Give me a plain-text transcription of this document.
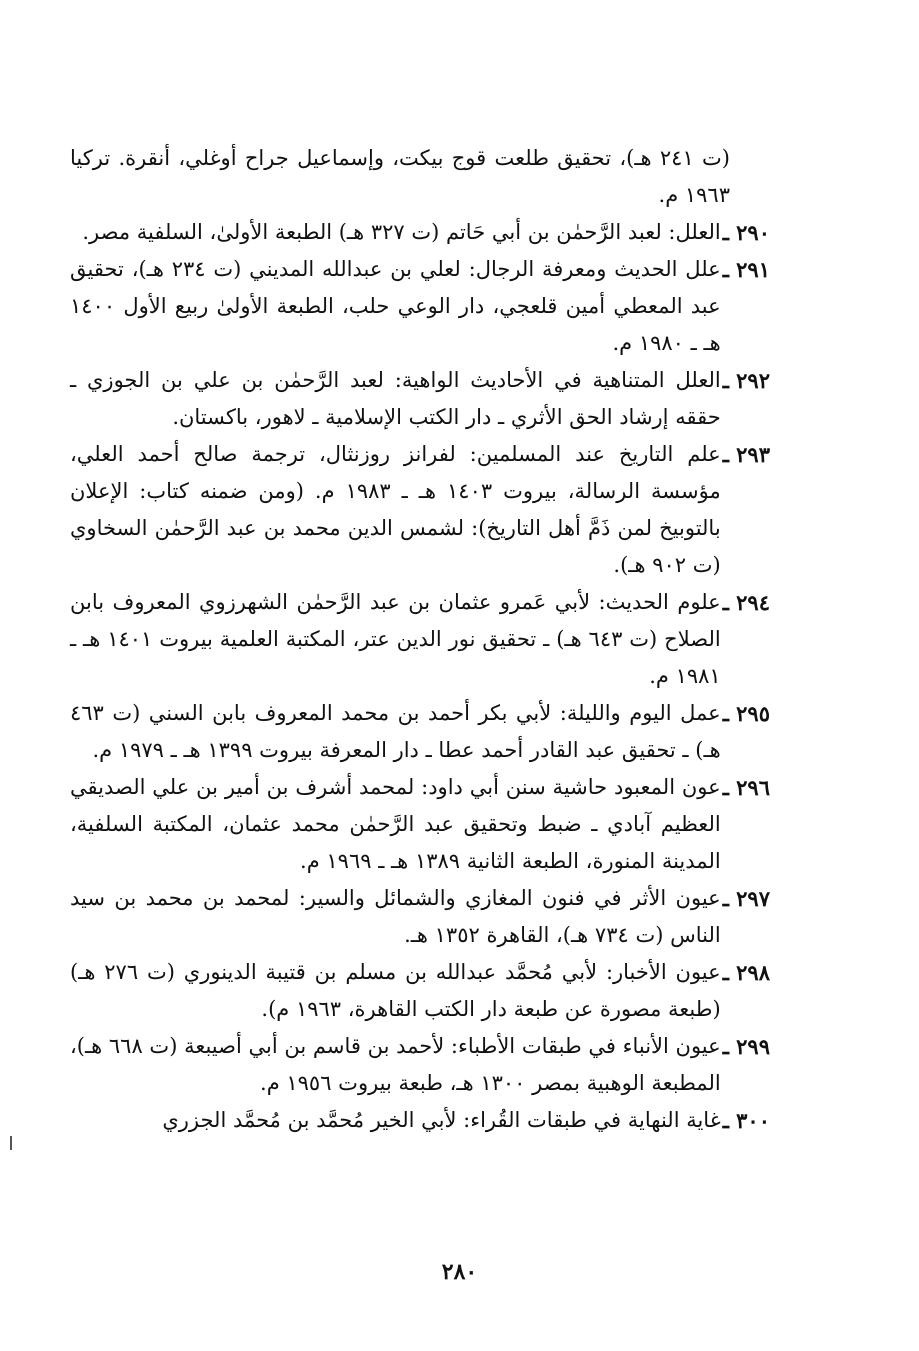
(ت ٢٤١ هـ)، تحقيق طلعت قوج بيكت، وإسماعيل جراح أوغلي، أنقرة. تركيا ١٩٦٣ م.

٢٩٠ ـ
العلل: لعبد الرَّحمٰن بن أبي حَاتم (ت ٣٢٧ هـ) الطبعة الأولىٰ، السلفية مصر.

٢٩١ ـ
علل الحديث ومعرفة الرجال: لعلي بن عبدالله المديني (ت ٢٣٤ هـ)، تحقيق عبد المعطي أمين قلعجي، دار الوعي حلب، الطبعة الأولىٰ ربيع الأول ١٤٠٠ هـ ـ ١٩٨٠ م.

٢٩٢ ـ
العلل المتناهية في الأحاديث الواهية: لعبد الرَّحمٰن بن علي بن الجوزي ـ حققه إرشاد الحق الأثري ـ دار الكتب الإسلامية ـ لاهور، باكستان.

٢٩٣ ـ
علم التاريخ عند المسلمين: لفرانز روزنثال، ترجمة صالح أحمد العلي، مؤسسة الرسالة، بيروت ١٤٠٣ هـ ـ ١٩٨٣ م. (ومن ضمنه كتاب: الإعلان بالتوبيخ لمن ذَمَّ أهل التاريخ): لشمس الدين محمد بن عبد الرَّحمٰن السخاوي (ت ٩٠٢ هـ).

٢٩٤ ـ
علوم الحديث: لأبي عَمرو عثمان بن عبد الرَّحمٰن الشهرزوي المعروف بابن الصلاح (ت ٦٤٣ هـ) ـ تحقيق نور الدين عتر، المكتبة العلمية بيروت ١٤٠١ هـ ـ ١٩٨١ م.

٢٩٥ ـ
عمل اليوم والليلة: لأبي بكر أحمد بن محمد المعروف بابن السني (ت ٤٦٣ هـ) ـ تحقيق عبد القادر أحمد عطا ـ دار المعرفة بيروت ١٣٩٩ هـ ـ ١٩٧٩ م.

٢٩٦ ـ
عون المعبود حاشية سنن أبي داود: لمحمد أشرف بن أمير بن علي الصديقي العظيم آبادي ـ ضبط وتحقيق عبد الرَّحمٰن محمد عثمان، المكتبة السلفية، المدينة المنورة، الطبعة الثانية ١٣٨٩ هـ ـ ١٩٦٩ م.

٢٩٧ ـ
عيون الأثر في فنون المغازي والشمائل والسير: لمحمد بن محمد بن سيد الناس (ت ٧٣٤ هـ)، القاهرة ١٣٥٢ هـ.

٢٩٨ ـ
عيون الأخبار: لأبي مُحمَّد عبدالله بن مسلم بن قتيبة الدينوري (ت ٢٧٦ هـ) (طبعة مصورة عن طبعة دار الكتب القاهرة، ١٩٦٣ م).

٢٩٩ ـ
عيون الأنباء في طبقات الأطباء: لأحمد بن قاسم بن أبي أصيبعة (ت ٦٦٨ هـ)، المطبعة الوهبية بمصر ١٣٠٠ هـ، طبعة بيروت ١٩٥٦ م.

٣٠٠ ـ
غاية النهاية في طبقات القُراء: لأبي الخير مُحمَّد بن مُحمَّد الجزري

٢٨٠
